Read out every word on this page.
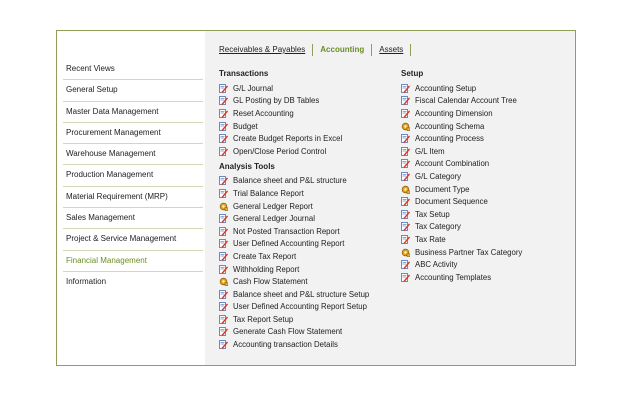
Recent Views
General Setup
Master Data Management
Procurement Management
Warehouse Management
Production Management
Material Requirement (MRP)
Sales Management
Project & Service Management
Financial Management
Information
Receivables & Payables	Accounting	Assets
Transactions
G/L Journal
GL Posting by DB Tables
Reset Accounting
Budget
Create Budget Reports in Excel
Open/Close Period Control
Analysis Tools
Balance sheet and P&L structure
Trial Balance Report
General Ledger Report
General Ledger Journal
Not Posted Transaction Report
User Defined Accounting Report
Create Tax Report
Withholding Report
Cash Flow Statement
Balance sheet and P&L structure Setup
User Defined Accounting Report Setup
Tax Report Setup
Generate Cash Flow Statement
Accounting transaction Details
Setup
Accounting Setup
Fiscal Calendar Account Tree
Accounting Dimension
Accounting Schema
Accounting Process
G/L Item
Account Combination
G/L Category
Document Type
Document Sequence
Tax Setup
Tax Category
Tax Rate
Business Partner Tax Category
ABC Activity
Accounting Templates
